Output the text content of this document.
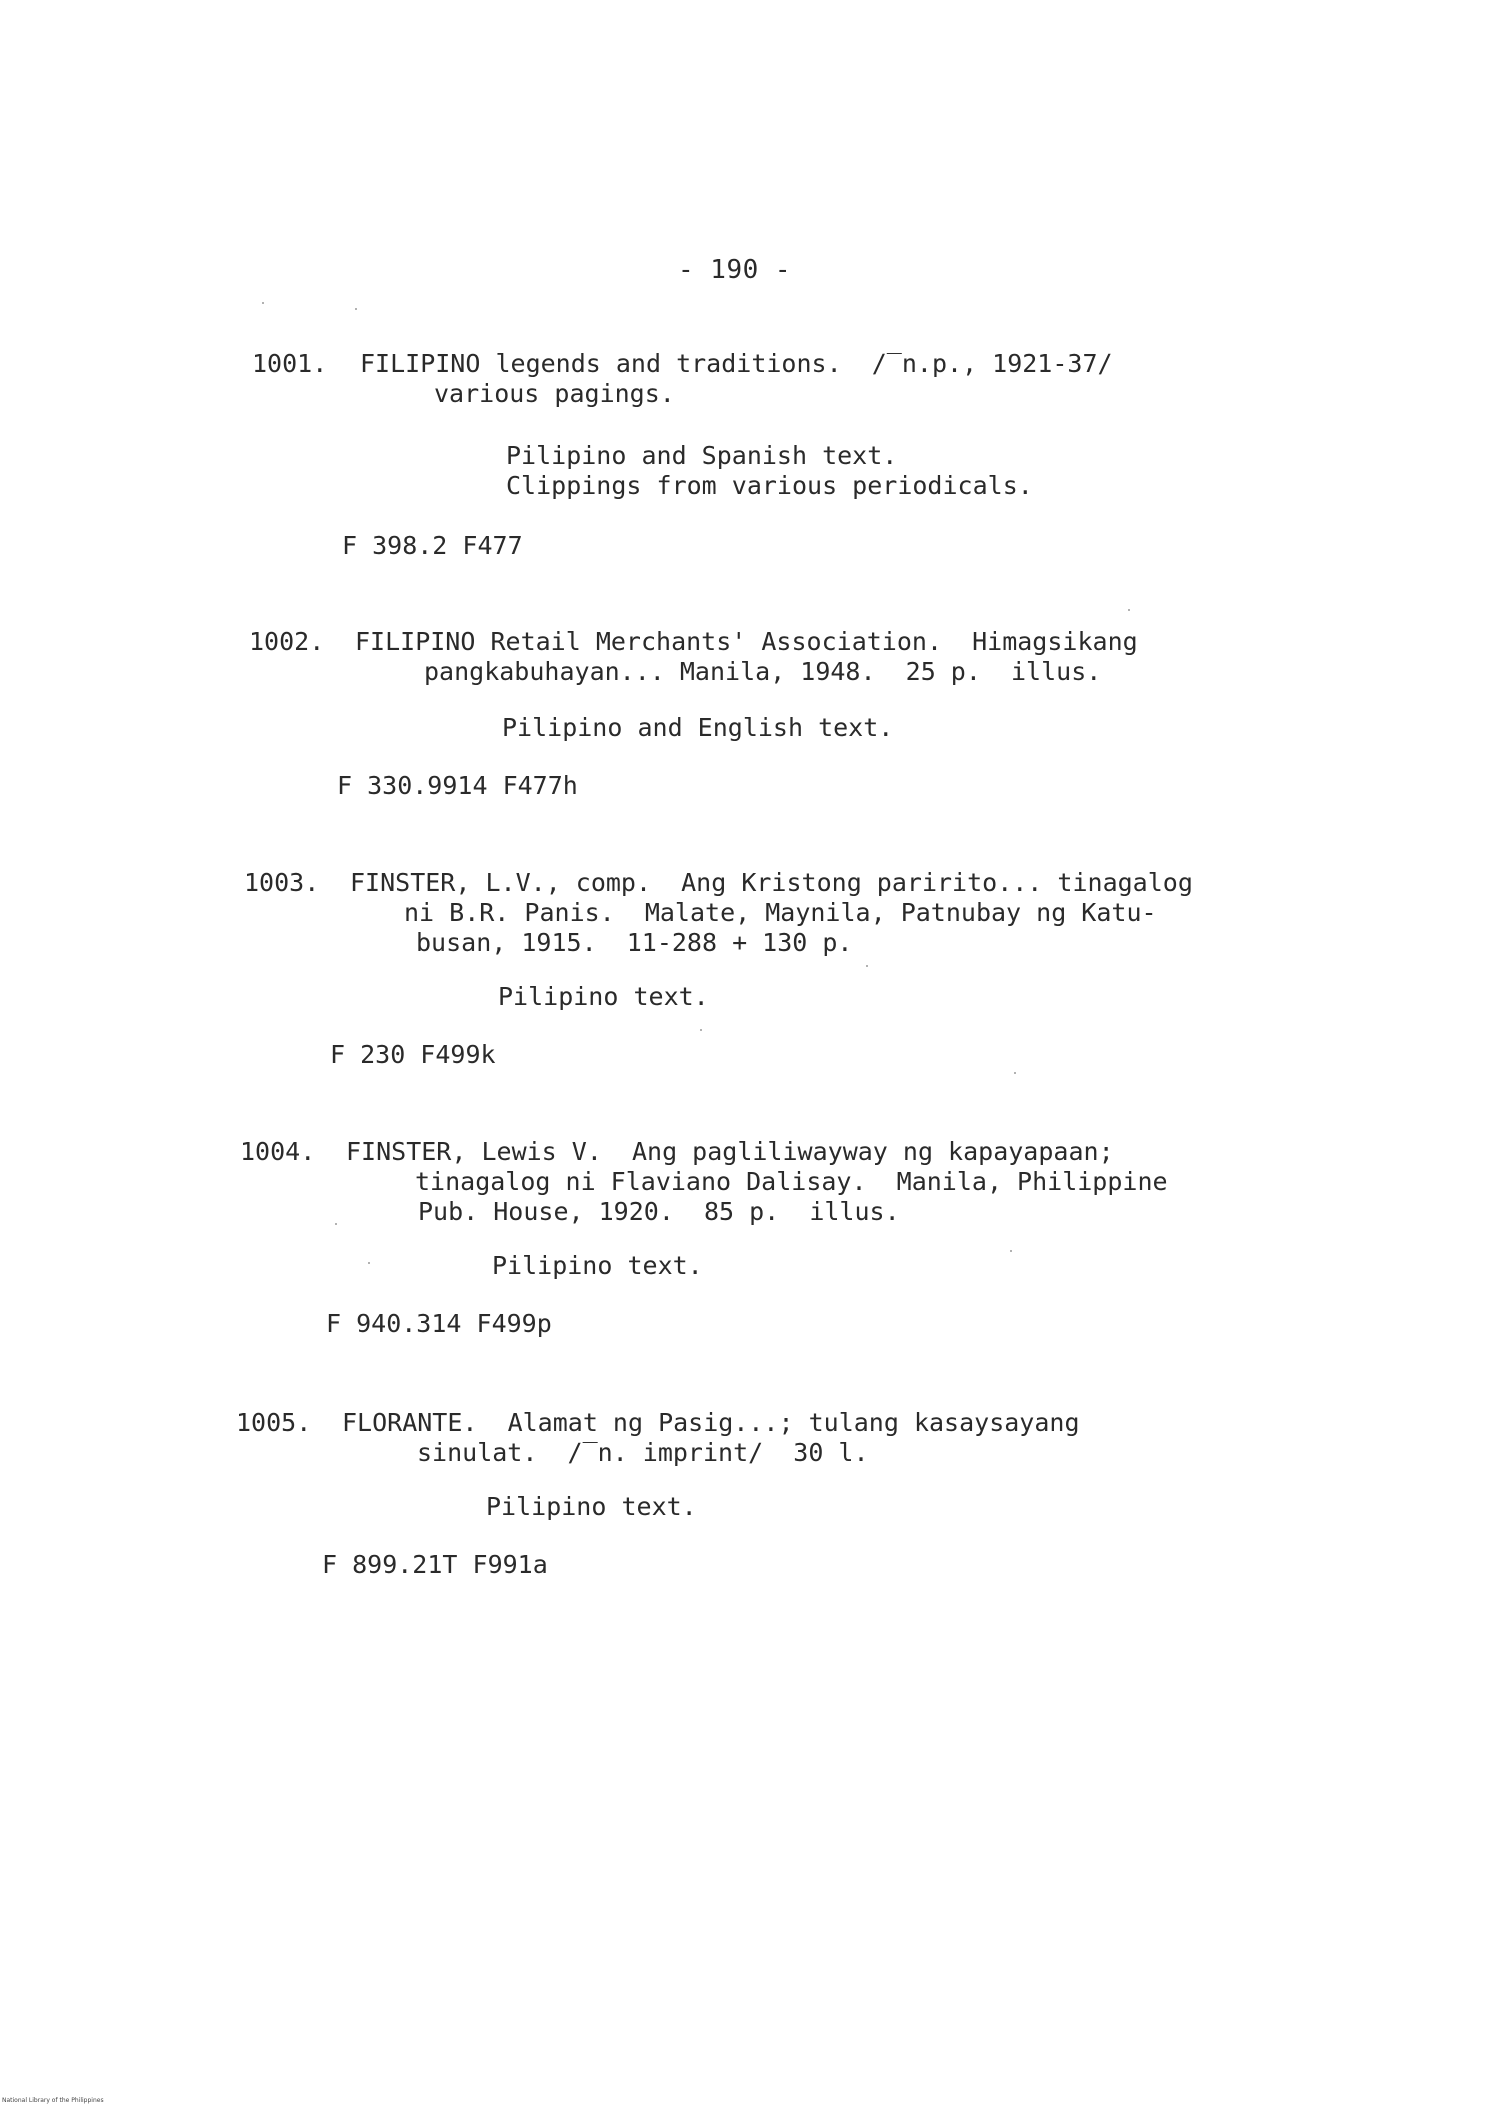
- 190 -

1001.

FILIPINO legends and traditions.  ∕‾n.p., 1921-37∕

various pagings.

Pilipino and Spanish text.
Clippings from various periodicals.
F 398.2 F477

1002.

FILIPINO Retail Merchants' Association.  Himagsikang

pangkabuhayan... Manila, 1948.  25 p.  illus.

Pilipino and English text.
F 330.9914 F477h

1003.

FINSTER, L.V., comp.  Ang Kristong paririto... tinagalog

ni B.R. Panis.  Malate, Maynila, Patnubay ng Katu-

busan, 1915.  11-288 + 130 p.

Pilipino text.
F 230 F499k

1004.

FINSTER, Lewis V.  Ang pagliliwayway ng kapayapaan;

tinagalog ni Flaviano Dalisay.  Manila, Philippine

Pub. House, 1920.  85 p.  illus.

Pilipino text.
F 940.314 F499p

1005.

FLORANTE.  Alamat ng Pasig...; tulang kasaysayang

sinulat.  ∕‾n. imprint∕  30 l.

Pilipino text.
F 899.21T F991a
National Library of the Philippines
